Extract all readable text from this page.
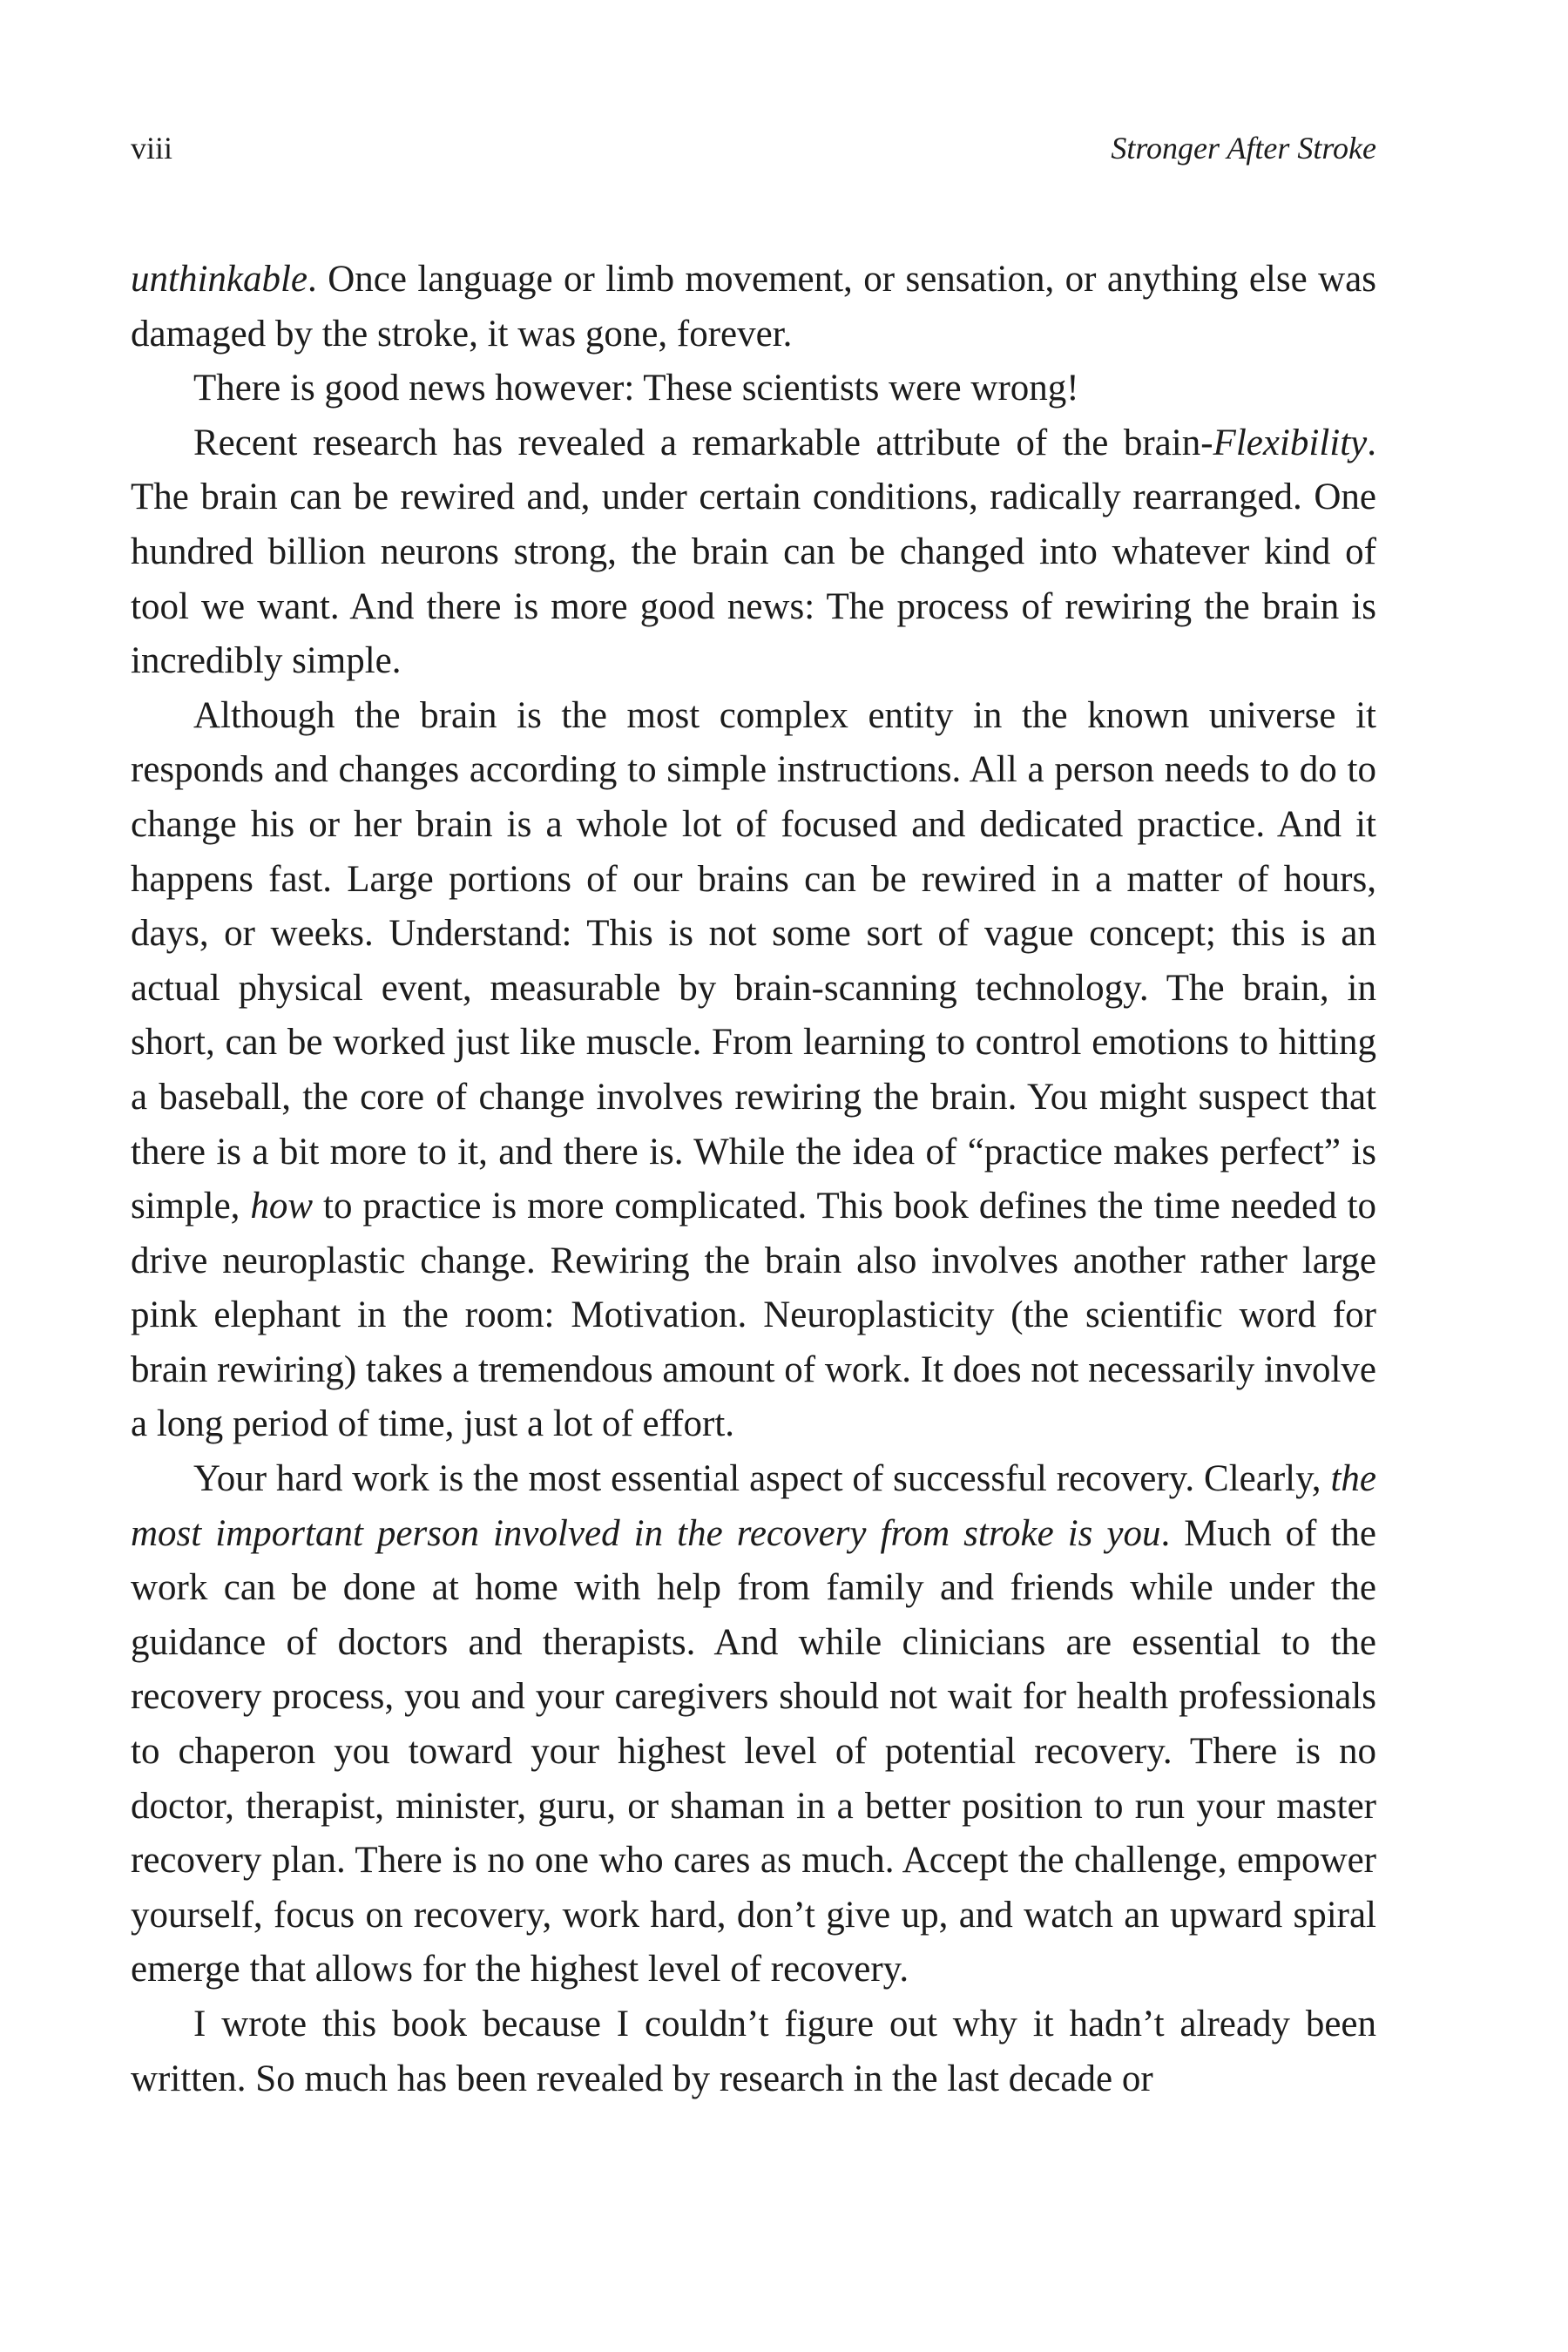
viii	Stronger After Stroke

unthinkable. Once language or limb movement, or sensation, or anything else was damaged by the stroke, it was gone, forever.

There is good news however: These scientists were wrong!

Recent research has revealed a remarkable attribute of the brain-Flexibility. The brain can be rewired and, under certain conditions, radically rearranged. One hundred billion neurons strong, the brain can be changed into whatever kind of tool we want. And there is more good news: The process of rewiring the brain is incredibly simple.

Although the brain is the most complex entity in the known universe it responds and changes according to simple instructions. All a person needs to do to change his or her brain is a whole lot of focused and dedicated practice. And it happens fast. Large portions of our brains can be rewired in a matter of hours, days, or weeks. Understand: This is not some sort of vague concept; this is an actual physical event, measurable by brain-scanning technology. The brain, in short, can be worked just like muscle. From learning to control emotions to hitting a baseball, the core of change involves rewiring the brain. You might suspect that there is a bit more to it, and there is. While the idea of “practice makes perfect” is simple, how to practice is more complicated. This book defines the time needed to drive neuroplastic change. Rewiring the brain also involves another rather large pink elephant in the room: Motivation. Neuroplasticity (the scientific word for brain rewiring) takes a tremendous amount of work. It does not necessarily involve a long period of time, just a lot of effort.

Your hard work is the most essential aspect of successful recovery. Clearly, the most important person involved in the recovery from stroke is you. Much of the work can be done at home with help from family and friends while under the guidance of doctors and therapists. And while clinicians are essential to the recovery process, you and your caregivers should not wait for health professionals to chaperon you toward your highest level of potential recovery. There is no doctor, therapist, minister, guru, or shaman in a better position to run your master recovery plan. There is no one who cares as much. Accept the challenge, empower yourself, focus on recovery, work hard, don’t give up, and watch an upward spiral emerge that allows for the highest level of recovery.

I wrote this book because I couldn’t figure out why it hadn’t already been written. So much has been revealed by research in the last decade or
